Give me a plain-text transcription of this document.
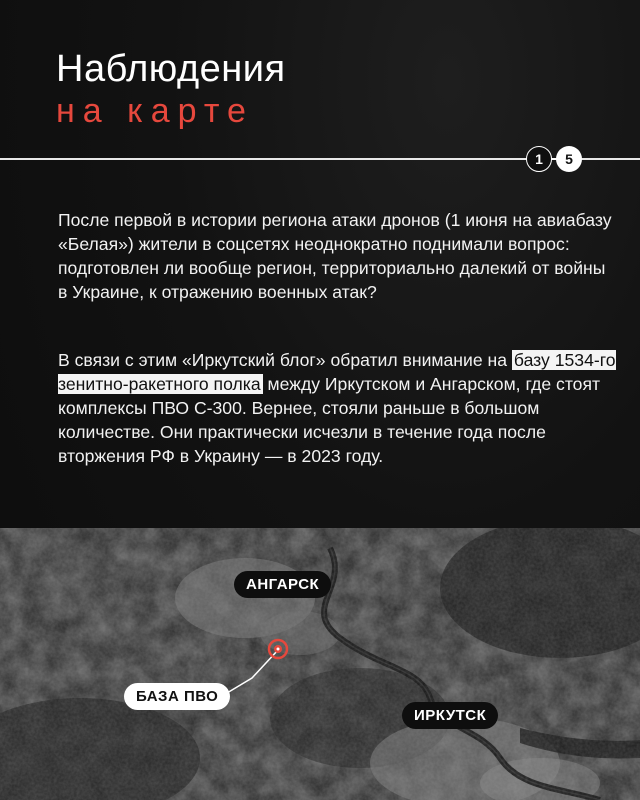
Наблюдения
на карте
1	5
После первой в истории региона атаки дронов (1 июня на авиабазу «Белая») жители в соцсетях неоднократно поднимали вопрос: подготовлен ли вообще регион, территориально далекий от войны в Украине, к отражению военных атак?
В связи с этим «Иркутский блог» обратил внимание на базу 1534-го зенитно-ракетного полка между Иркутском и Ангарском, где стоят комплексы ПВО С-300. Вернее, стояли раньше в большом количестве. Они практически исчезли в течение года после вторжения РФ в Украину — в 2023 году.
АНГАРСК
ИРКУТСК
БАЗА ПВО
